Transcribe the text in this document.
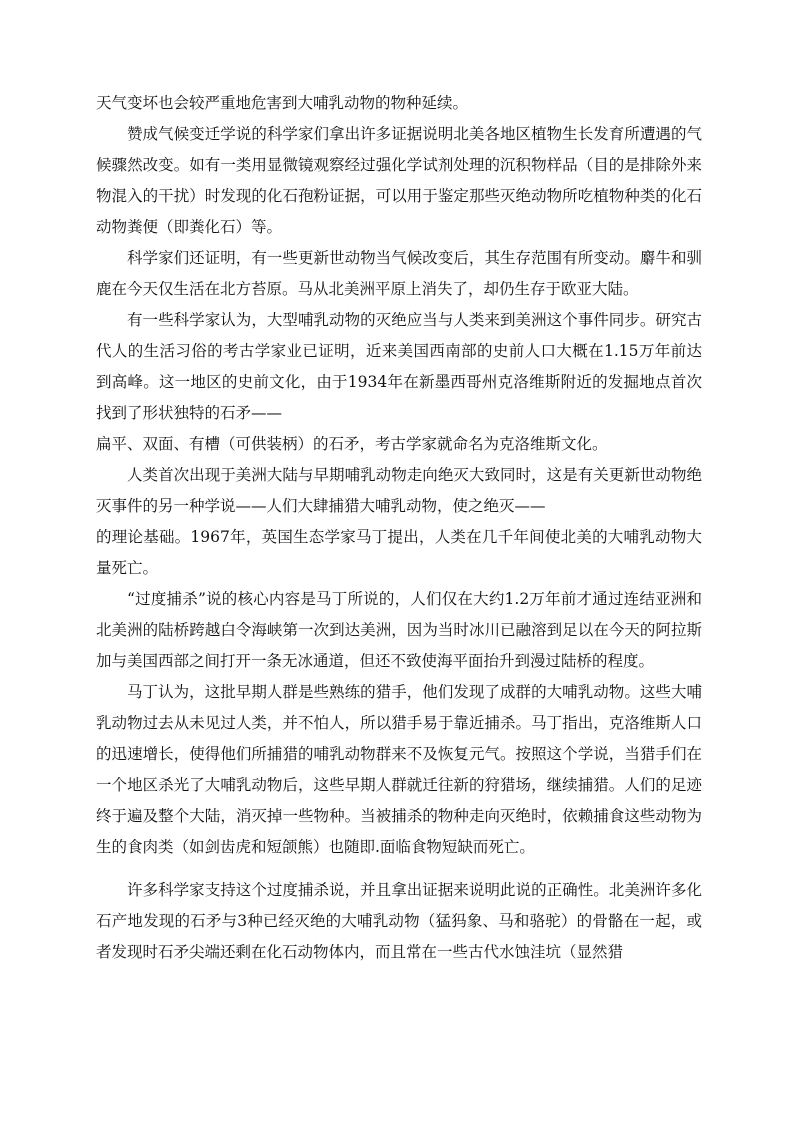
天气变坏也会较严重地危害到大哺乳动物的物种延续。

赞成气候变迁学说的科学家们拿出许多证据说明北美各地区植物生长发育所遭遇的气候骤然改变。如有一类用显微镜观察经过强化学试剂处理的沉积物样品（目的是排除外来物混入的干扰）时发现的化石孢粉证据，可以用于鉴定那些灭绝动物所吃植物种类的化石动物粪便（即粪化石）等。

科学家们还证明，有一些更新世动物当气候改变后，其生存范围有所变动。麝牛和驯鹿在今天仅生活在北方苔原。马从北美洲平原上消失了，却仍生存于欧亚大陆。

有一些科学家认为，大型哺乳动物的灭绝应当与人类来到美洲这个事件同步。研究古代人的生活习俗的考古学家业已证明，近来美国西南部的史前人口大概在1.15万年前达到高峰。这一地区的史前文化，由于1934年在新墨西哥州克洛维斯附近的发掘地点首次找到了形状独特的石矛——

扁平、双面、有槽（可供装柄）的石矛，考古学家就命名为克洛维斯文化。

人类首次出现于美洲大陆与早期哺乳动物走向绝灭大致同时，这是有关更新世动物绝灭事件的另一种学说——人们大肆捕猎大哺乳动物，使之绝灭——

的理论基础。1967年，英国生态学家马丁提出，人类在几千年间使北美的大哺乳动物大量死亡。

“过度捕杀”说的核心内容是马丁所说的，人们仅在大约1.2万年前才通过连结亚洲和北美洲的陆桥跨越白令海峡第一次到达美洲，因为当时冰川已融溶到足以在今天的阿拉斯加与美国西部之间打开一条无冰通道，但还不致使海平面抬升到漫过陆桥的程度。

马丁认为，这批早期人群是些熟练的猎手，他们发现了成群的大哺乳动物。这些大哺乳动物过去从未见过人类，并不怕人，所以猎手易于靠近捕杀。马丁指出，克洛维斯人口的迅速增长，使得他们所捕猎的哺乳动物群来不及恢复元气。按照这个学说，当猎手们在一个地区杀光了大哺乳动物后，这些早期人群就迁往新的狩猎场，继续捕猎。人们的足迹终于遍及整个大陆，消灭掉一些物种。当被捕杀的物种走向灭绝时，依赖捕食这些动物为生的食肉类（如剑齿虎和短颌熊）也随即.面临食物短缺而死亡。

许多科学家支持这个过度捕杀说，并且拿出证据来说明此说的正确性。北美洲许多化石产地发现的石矛与3种已经灭绝的大哺乳动物（猛犸象、马和骆驼）的骨骼在一起，或者发现时石矛尖端还剩在化石动物体内，而且常在一些古代水蚀洼坑（显然猎
